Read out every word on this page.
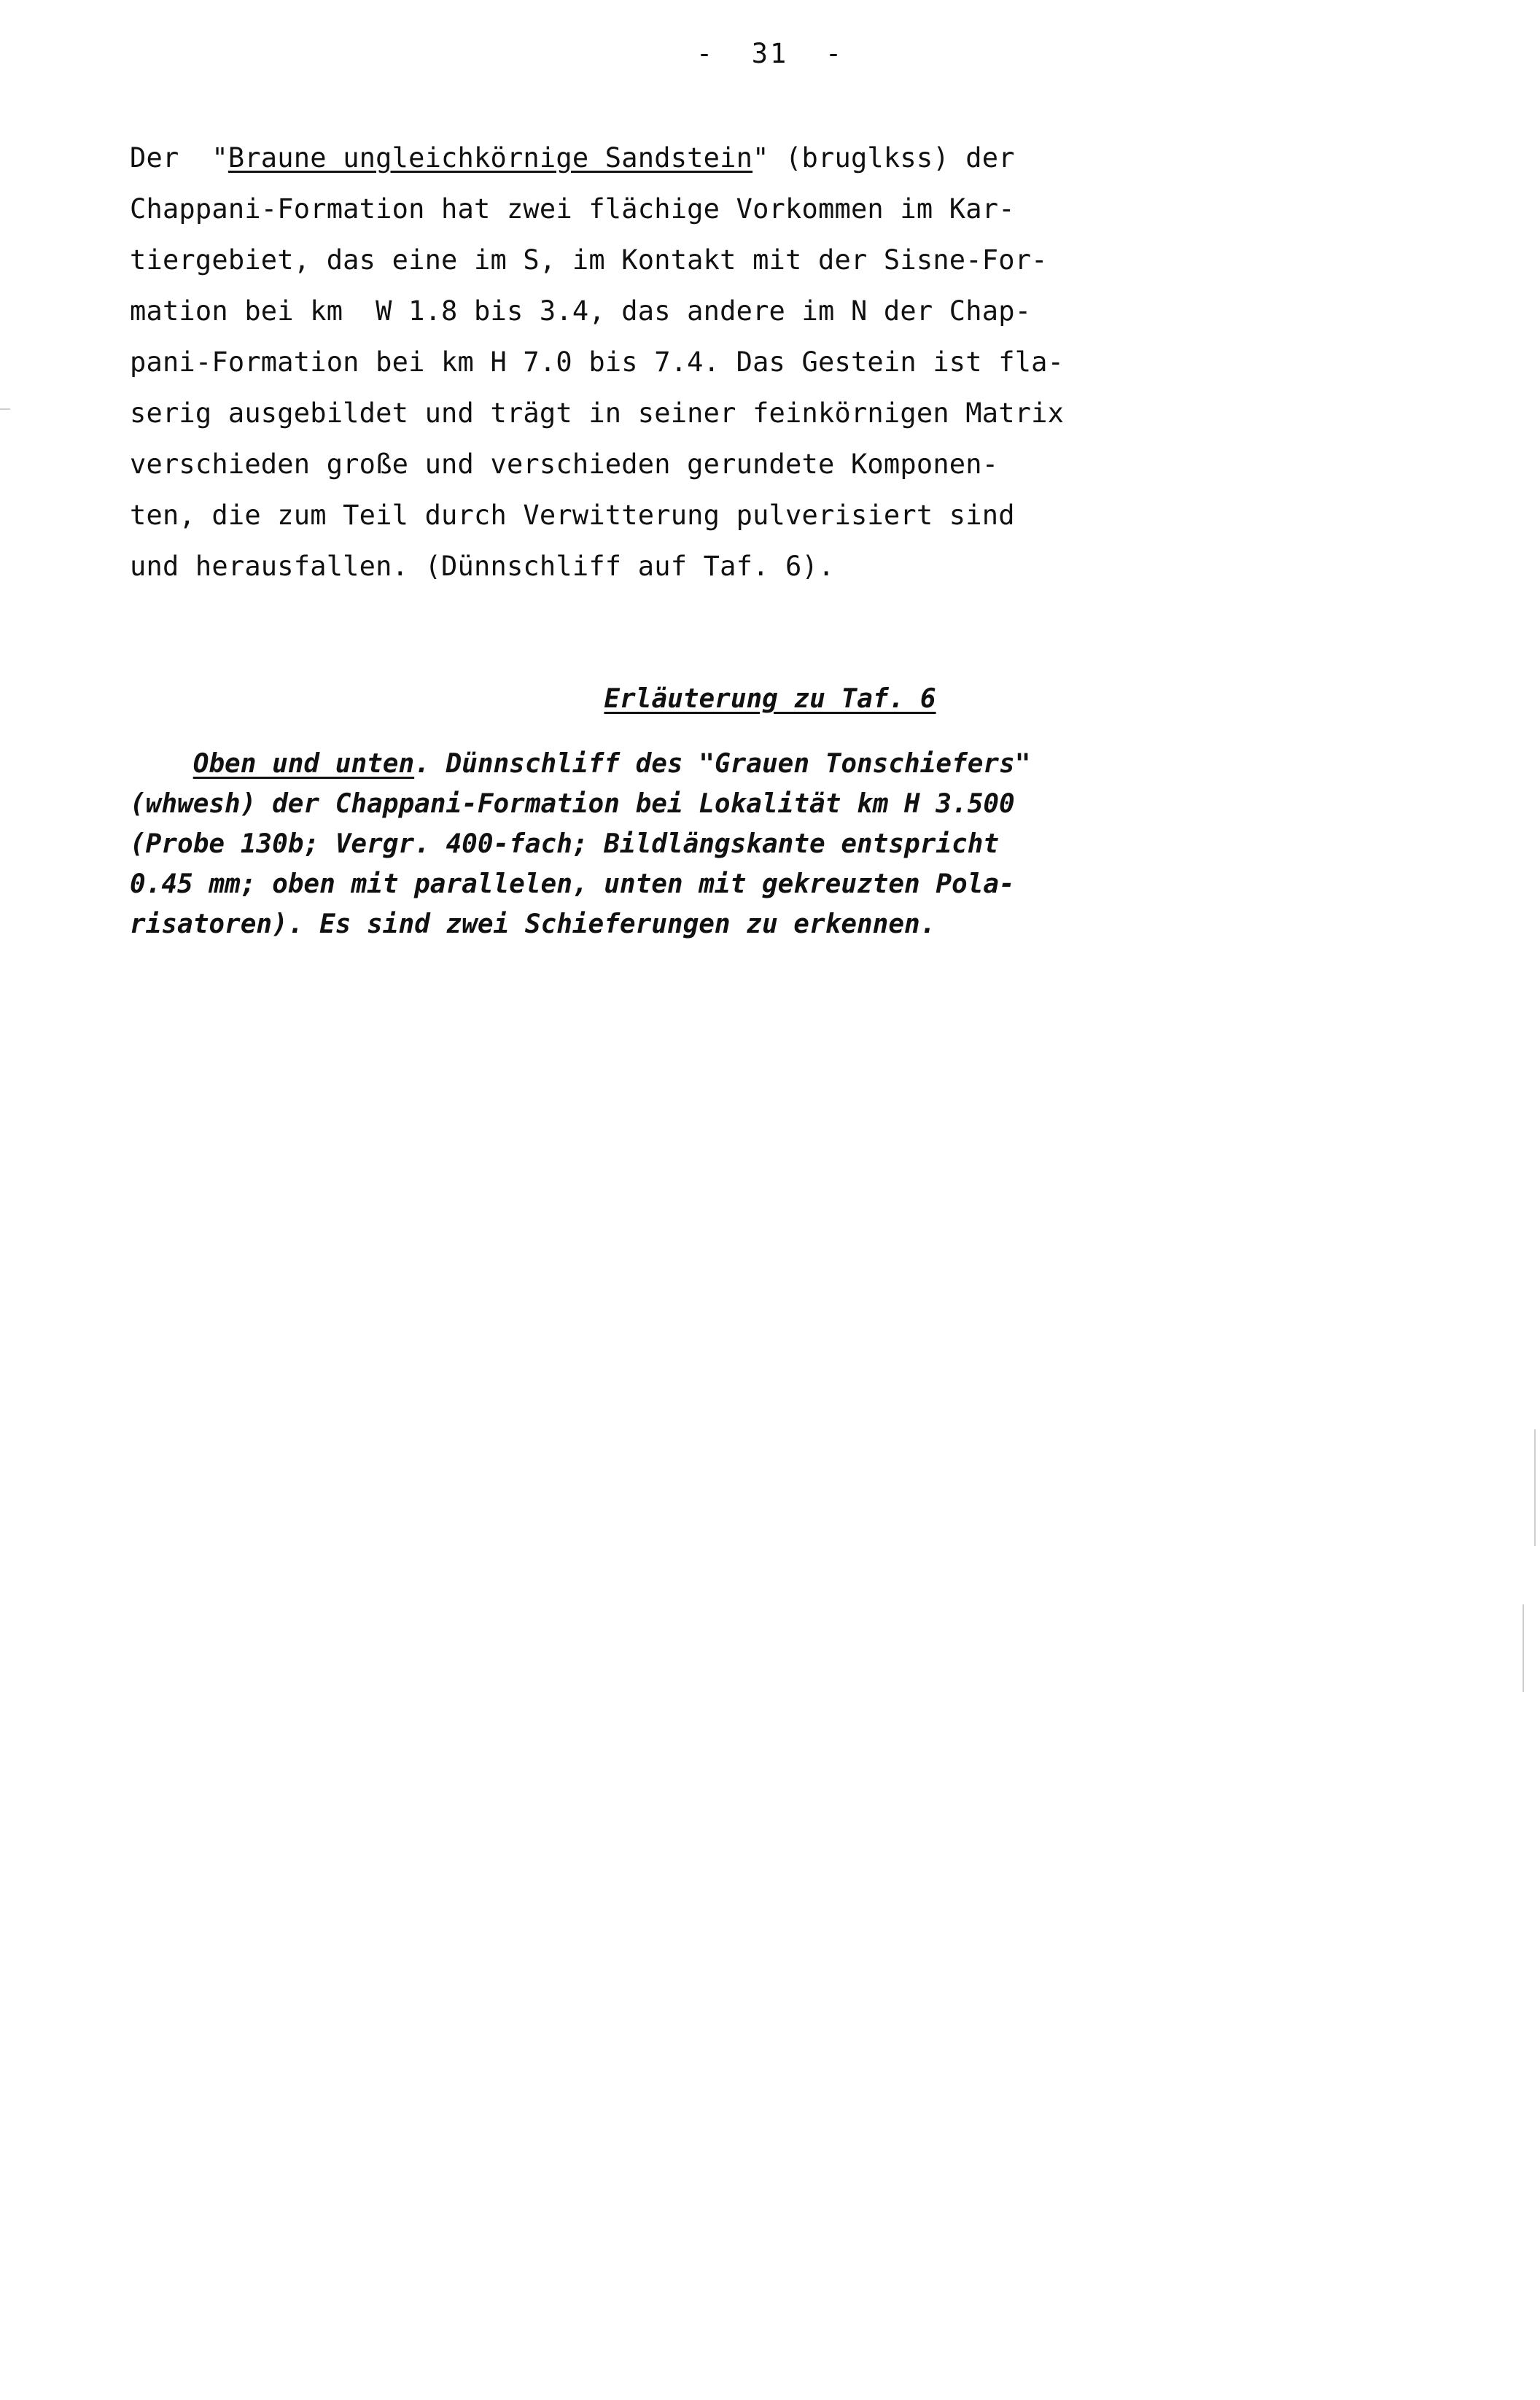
-  31  -
Der  "Braune ungleichkörnige Sandstein" (bruglkss) der
Chappani-Formation hat zwei flächige Vorkommen im Kar-
tiergebiet, das eine im S, im Kontakt mit der Sisne-For-
mation bei km  W 1.8 bis 3.4, das andere im N der Chap-
pani-Formation bei km H 7.0 bis 7.4. Das Gestein ist fla-
serig ausgebildet und trägt in seiner feinkörnigen Matrix
verschieden große und verschieden gerundete Komponen-
ten, die zum Teil durch Verwitterung pulverisiert sind
und herausfallen. (Dünnschliff auf Taf. 6).
Erläuterung zu Taf. 6
Oben und unten. Dünnschliff des "Grauen Tonschiefers"
(whwesh) der Chappani-Formation bei Lokalität km H 3.500
(Probe 130b; Vergr. 400-fach; Bildlängskante entspricht
0.45 mm; oben mit parallelen, unten mit gekreuzten Pola-
risatoren). Es sind zwei Schieferungen zu erkennen.
